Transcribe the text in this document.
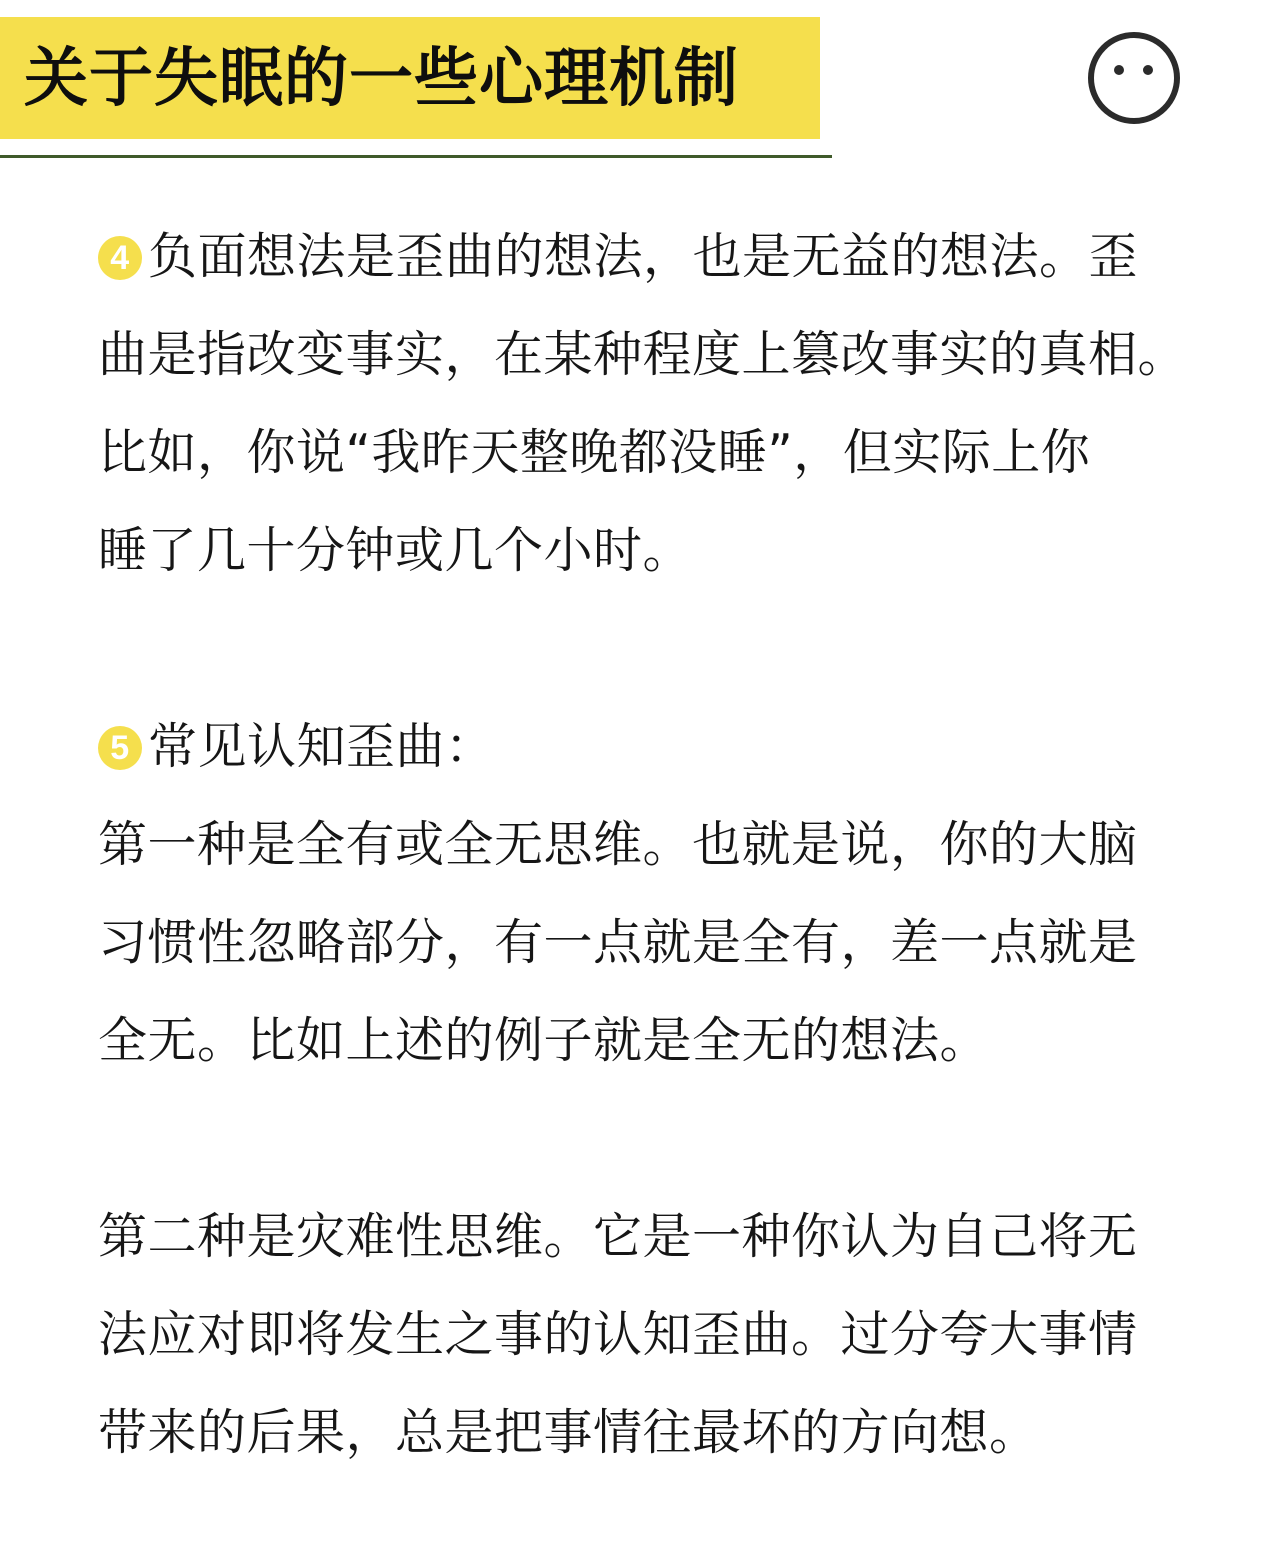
关于失眠的一些心理机制
4 负面想法是歪曲的想法，也是无益的想法。歪
曲是指改变事实，在某种程度上篡改事实的真相。
比如，你说“我昨天整晚都没睡”，但实际上你
睡了几十分钟或几个小时。
5 常见认知歪曲：
第一种是全有或全无思维。也就是说，你的大脑
习惯性忽略部分，有一点就是全有，差一点就是
全无。比如上述的例子就是全无的想法。
第二种是灾难性思维。它是一种你认为自己将无
法应对即将发生之事的认知歪曲。过分夸大事情
带来的后果，总是把事情往最坏的方向想。
